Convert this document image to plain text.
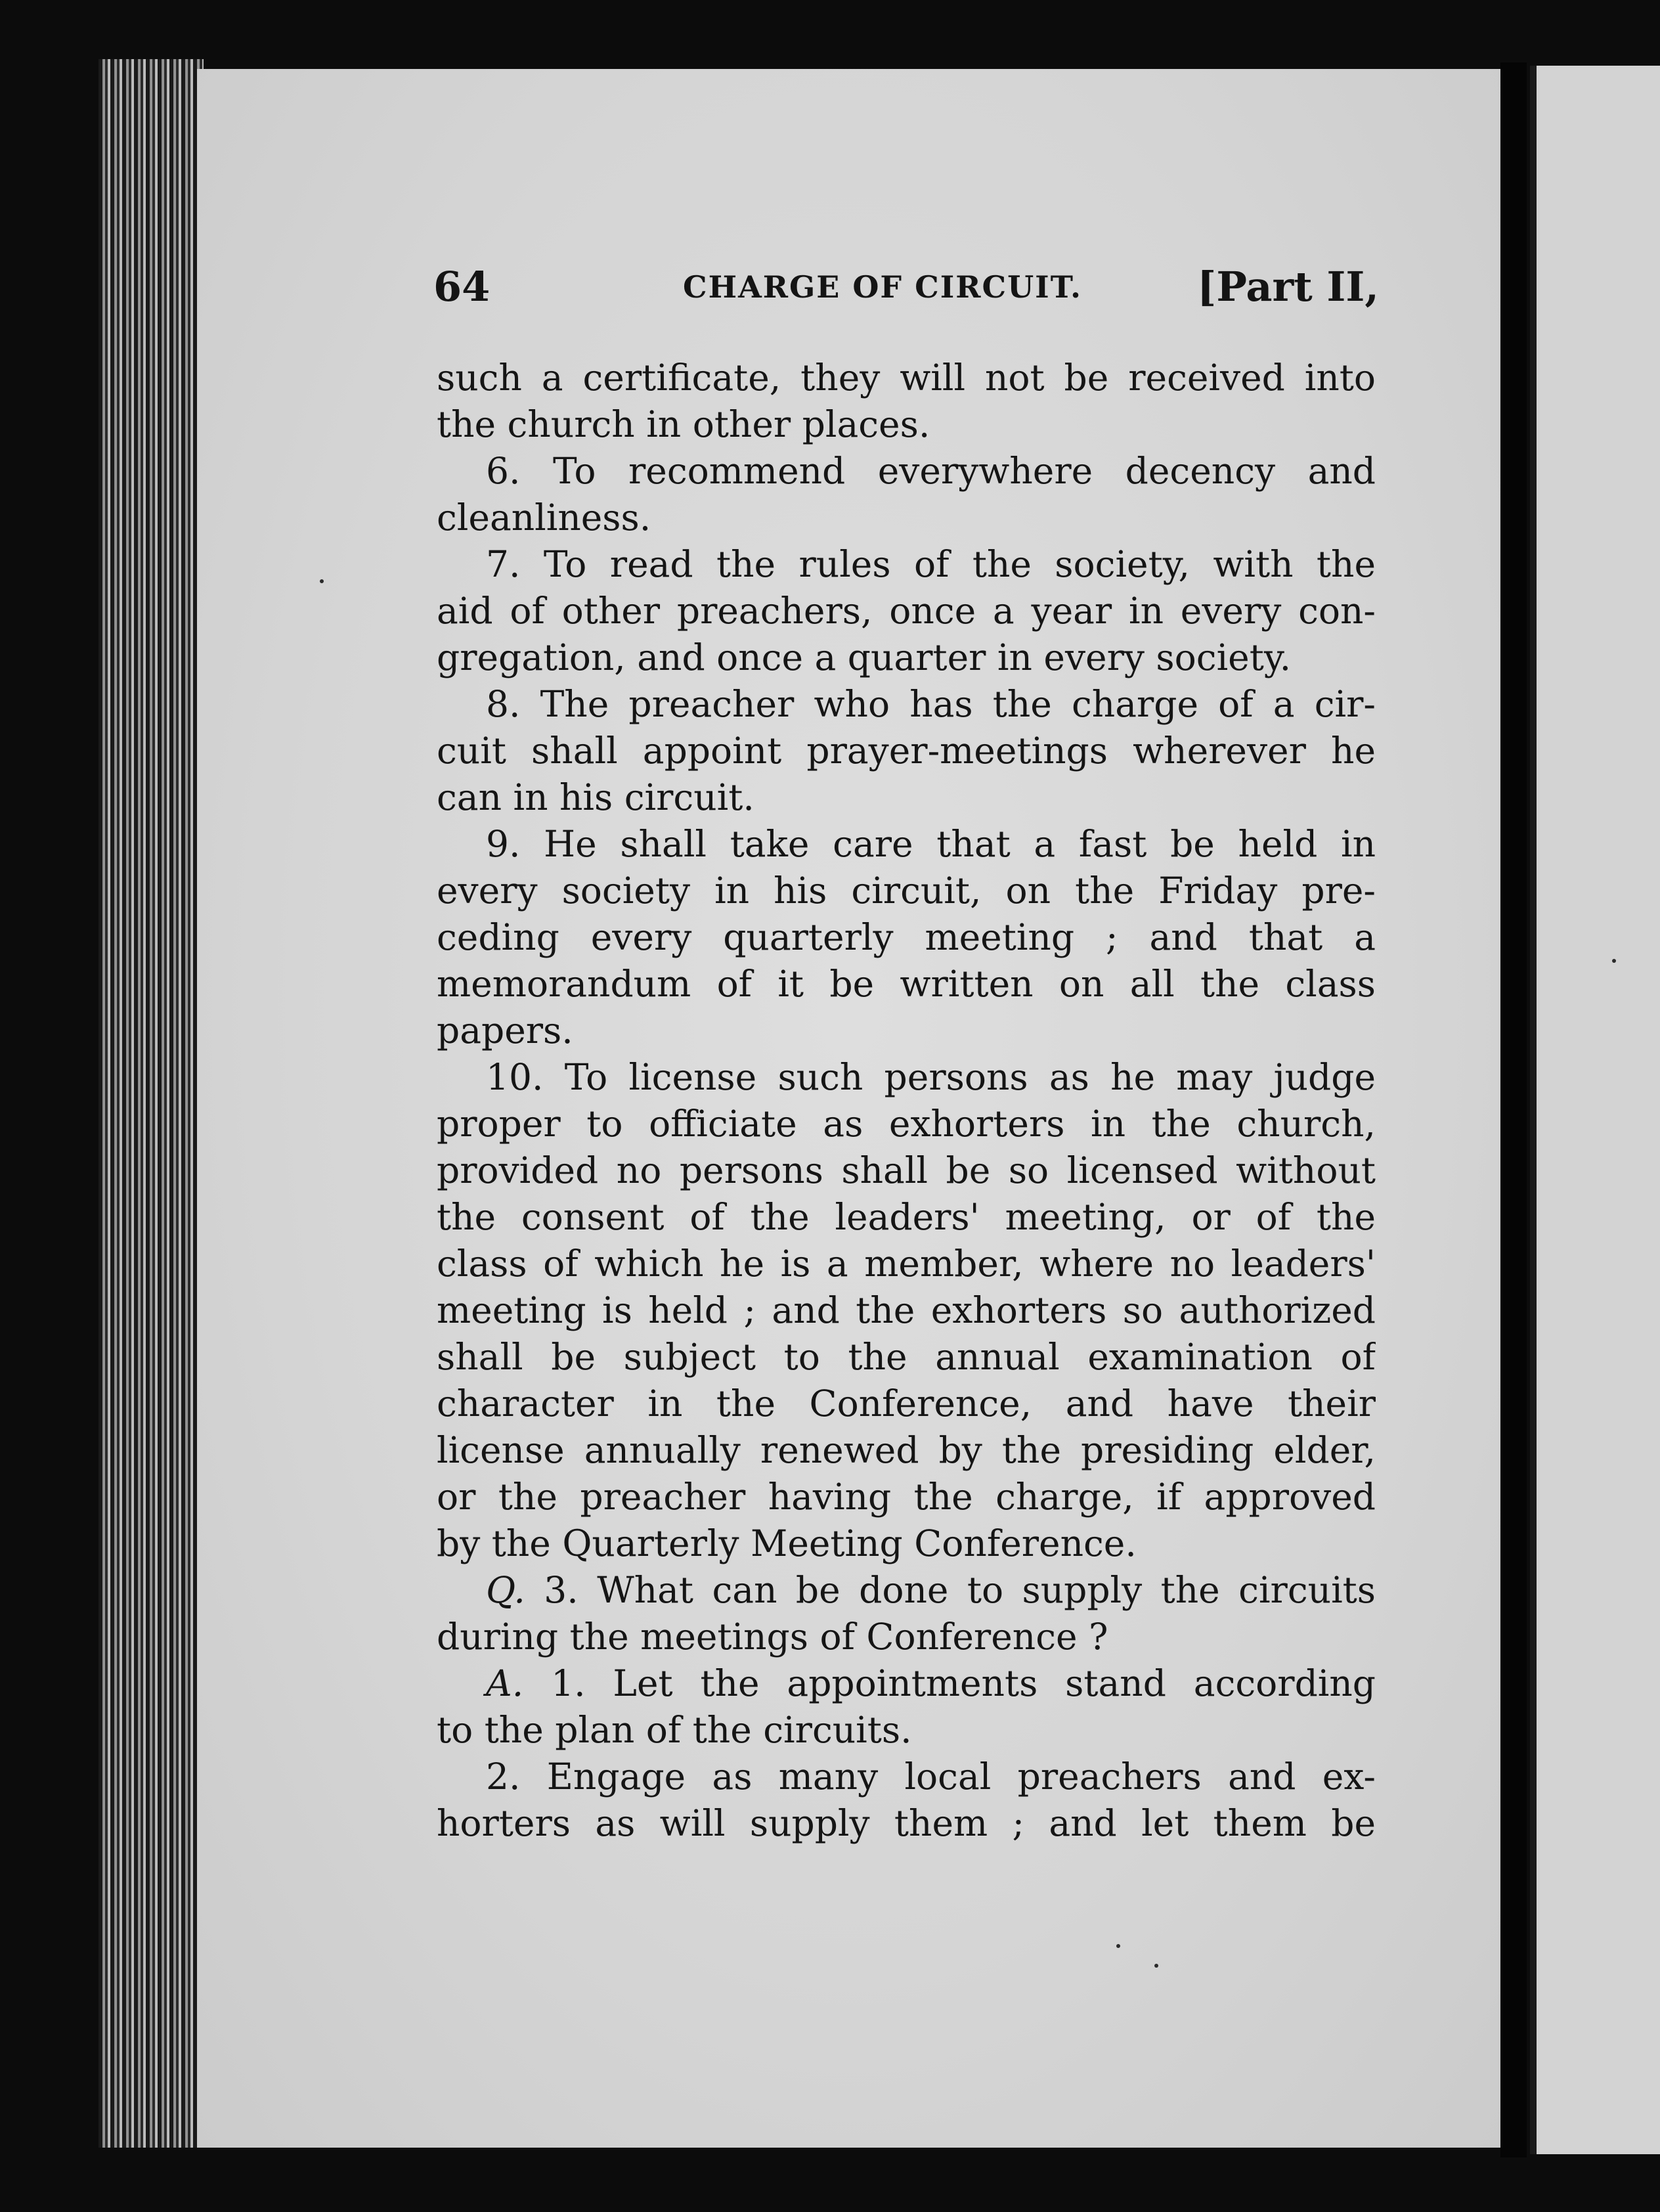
64	CHARGE OF CIRCUIT.	[Part II,
such a certificate, they will not be received into
the church in other places.
6. To recommend everywhere decency and
cleanliness.
7. To read the rules of the society, with the
aid of other preachers, once a year in every con-
gregation, and once a quarter in every society.
8. The preacher who has the charge of a cir-
cuit shall appoint prayer-meetings wherever he
can in his circuit.
9. He shall take care that a fast be held in
every society in his circuit, on the Friday pre-
ceding every quarterly meeting ; and that a
memorandum of it be written on all the class
papers.
10. To license such persons as he may judge
proper to officiate as exhorters in the church,
provided no persons shall be so licensed without
the consent of the leaders' meeting, or of the
class of which he is a member, where no leaders'
meeting is held ; and the exhorters so authorized
shall be subject to the annual examination of
character in the Conference, and have their
license annually renewed by the presiding elder,
or the preacher having the charge, if approved
by the Quarterly Meeting Conference.
Q. 3. What can be done to supply the circuits
during the meetings of Conference ?
A. 1. Let the appointments stand according
to the plan of the circuits.
2. Engage as many local preachers and ex-
horters as will supply them ; and let them be
